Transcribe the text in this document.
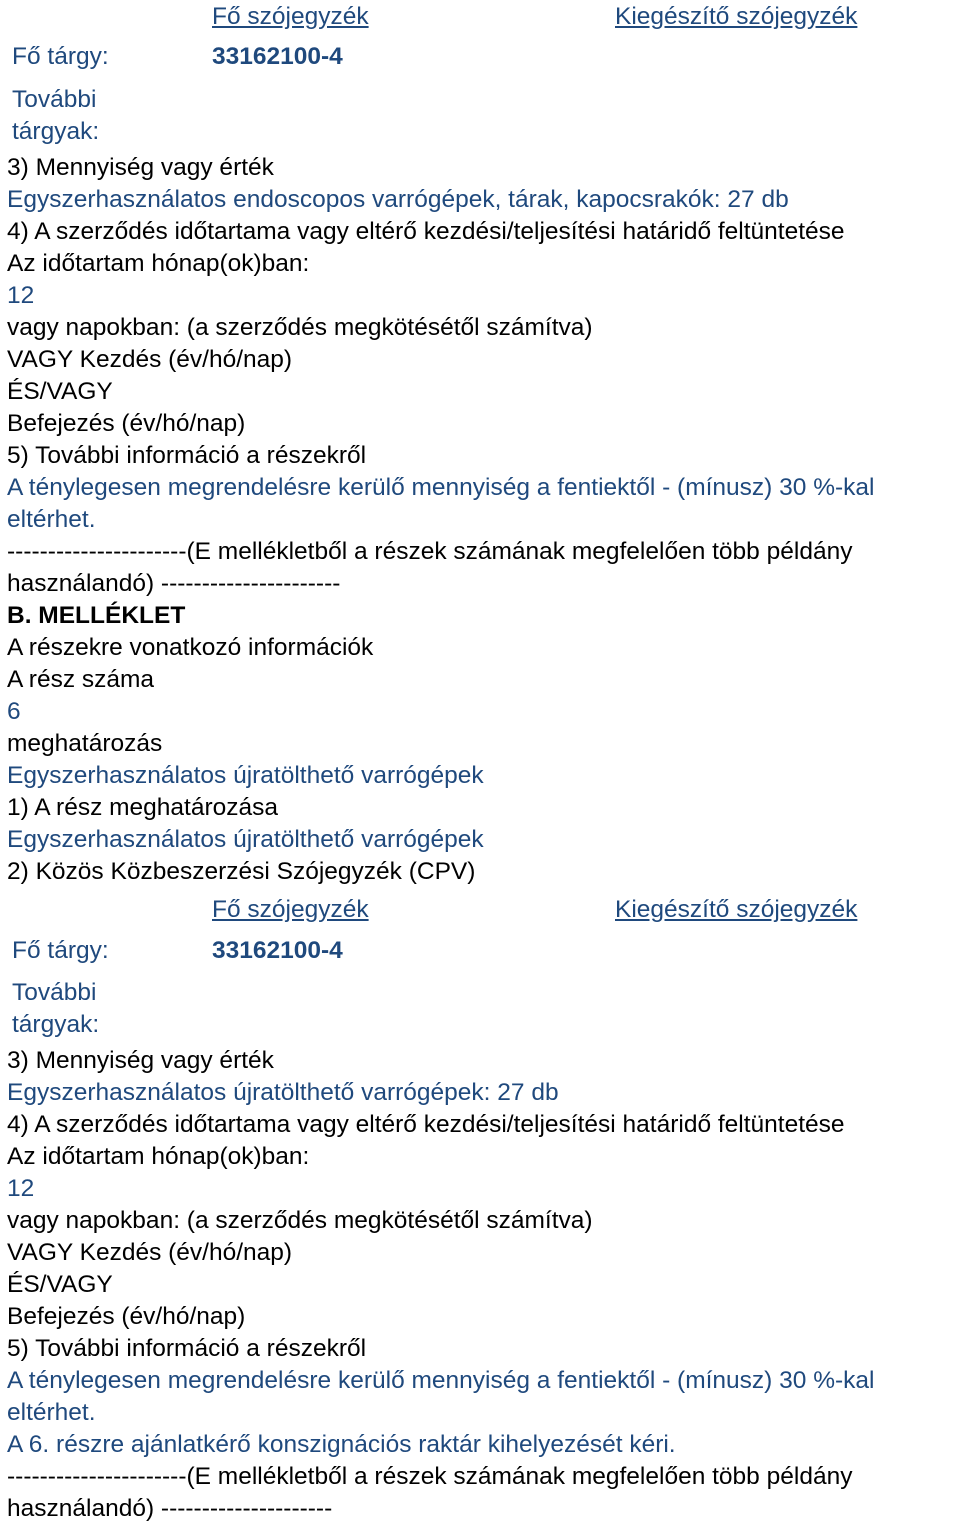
Fő szójegyzék	Kiegészítő szójegyzék
Fő tárgy:	33162100-4
További
tárgyak:
3) Mennyiség vagy érték
Egyszerhasználatos endoscopos varrógépek, tárak, kapocsrakók: 27 db
4) A szerződés időtartama vagy eltérő kezdési/teljesítési határidő feltüntetése
Az időtartam hónap(ok)ban:
12
vagy napokban: (a szerződés megkötésétől számítva)
VAGY Kezdés (év/hó/nap)
ÉS/VAGY
Befejezés (év/hó/nap)
5) További információ a részekről
A ténylegesen megrendelésre kerülő mennyiség a fentiektől - (mínusz) 30 %-kal
eltérhet.
----------------------(E mellékletből a részek számának megfelelően több példány
használandó) ----------------------
B. MELLÉKLET
A részekre vonatkozó információk
A rész száma
6
meghatározás
Egyszerhasználatos újratölthető varrógépek
1) A rész meghatározása
Egyszerhasználatos újratölthető varrógépek
2) Közös Közbeszerzési Szójegyzék (CPV)
Fő szójegyzék	Kiegészítő szójegyzék
Fő tárgy:	33162100-4
További
tárgyak:
3) Mennyiség vagy érték
Egyszerhasználatos újratölthető varrógépek: 27 db
4) A szerződés időtartama vagy eltérő kezdési/teljesítési határidő feltüntetése
Az időtartam hónap(ok)ban:
12
vagy napokban: (a szerződés megkötésétől számítva)
VAGY Kezdés (év/hó/nap)
ÉS/VAGY
Befejezés (év/hó/nap)
5) További információ a részekről
A ténylegesen megrendelésre kerülő mennyiség a fentiektől - (mínusz) 30 %-kal
eltérhet.
A 6. részre ajánlatkérő konszignációs raktár kihelyezését kéri.
----------------------(E mellékletből a részek számának megfelelően több példány
használandó) ---------------------
